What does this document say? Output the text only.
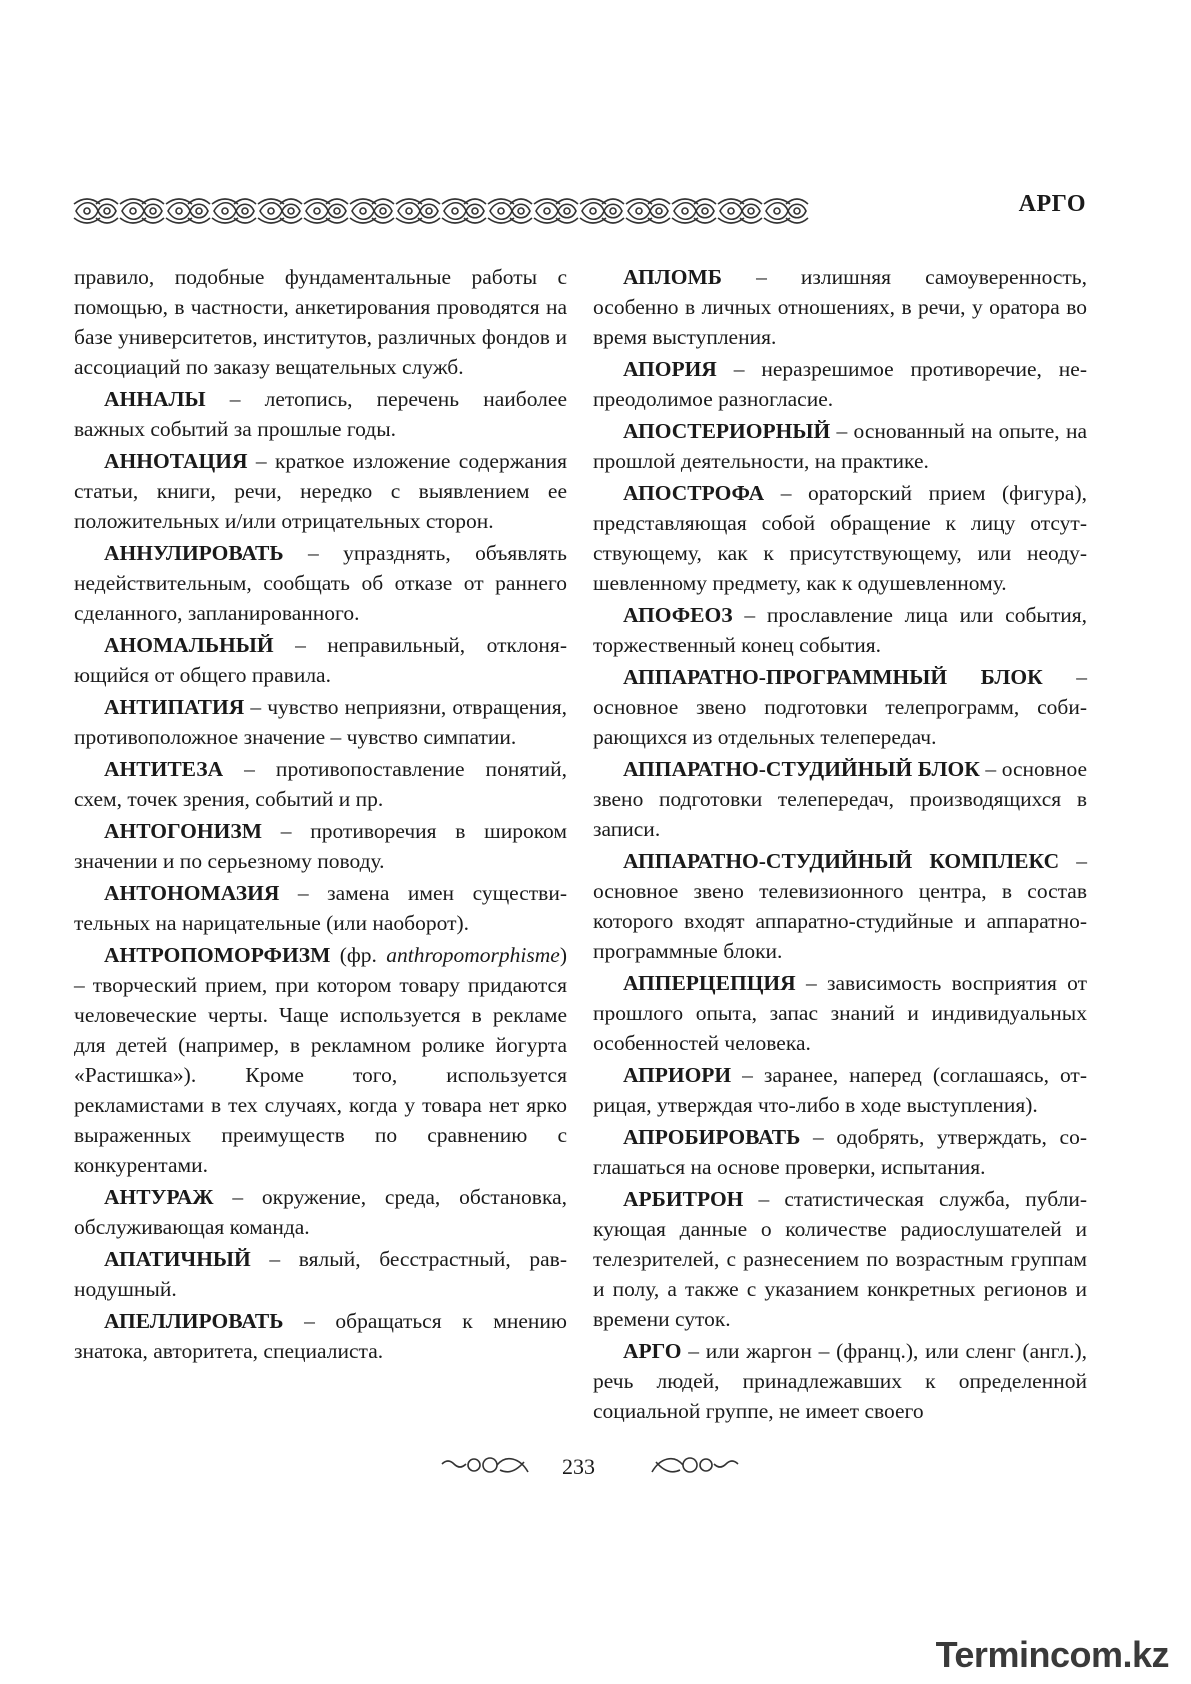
АРГО

правило, подобные фундаментальные работы с помощью, в частности, анкетирования проводятся на базе университетов, институтов, различных фондов и ассоциаций по заказу вещательных служб.

АННАЛЫ – летопись, перечень наиболее важных событий за прошлые годы.

АННОТАЦИЯ – краткое изложение содержания статьи, книги, речи, нередко с выявлением ее положительных и/или отрицательных сторон.

АННУЛИРОВАТЬ – упразднять, объявлять недействительным, сообщать об отказе от раннего сделанного, запланированного.

АНОМАЛЬНЫЙ – неправильный, отклоняющийся от общего правила.

АНТИПАТИЯ – чувство неприязни, отвращения, противоположное значение – чувство симпатии.

АНТИТЕЗА – противопоставление понятий, схем, точек зрения, событий и пр.

АНТОГОНИЗМ – противоречия в широком значении и по серьезному поводу.

АНТОНОМАЗИЯ – замена имен существительных на нарицательные (или наоборот).

АНТРОПОМОРФИЗМ (фр. anthropomorphisme) – творческий прием, при котором товару придаются человеческие черты. Чаще используется в рекламе для детей (например, в рекламном ролике йогурта «Растишка»). Кроме того, используется рекламистами в тех случаях, когда у товара нет ярко выраженных преимуществ по сравнению с конкурентами.

АНТУРАЖ – окружение, среда, обстановка, обслуживающая команда.

АПАТИЧНЫЙ – вялый, бесстрастный, равнодушный.

АПЕЛЛИРОВАТЬ – обращаться к мнению знатока, авторитета, специалиста.

АПЛОМБ – излишняя самоуверенность, особенно в личных отношениях, в речи, у оратора во время выступления.

АПОРИЯ – неразрешимое противоречие, непреодолимое разногласие.

АПОСТЕРИОРНЫЙ – основанный на опыте, на прошлой деятельности, на практике.

АПОСТРОФА – ораторский прием (фигура), представляющая собой обращение к лицу отсутствующему, как к присутствующему, или неодушевленному предмету, как к одушевленному.

АПОФЕОЗ – прославление лица или события, торжественный конец события.

АППАРАТНО-ПРОГРАММНЫЙ БЛОК – основное звено подготовки телепрограмм, собирающихся из отдельных телепередач.

АППАРАТНО-СТУДИЙНЫЙ БЛОК – основное звено подготовки телепередач, производящихся в записи.

АППАРАТНО-СТУДИЙНЫЙ КОМПЛЕКС – основное звено телевизионного центра, в состав которого входят аппаратно-студийные и аппаратно-программные блоки.

АППЕРЦЕПЦИЯ – зависимость восприятия от прошлого опыта, запас знаний и индивидуальных особенностей человека.

АПРИОРИ – заранее, наперед (соглашаясь, отрицая, утверждая что-либо в ходе выступления).

АПРОБИРОВАТЬ – одобрять, утверждать, соглашаться на основе проверки, испытания.

АРБИТРОН – статистическая служба, публикующая данные о количестве радиослушателей и телезрителей, с разнесением по возрастным группам и полу, а также с указанием конкретных регионов и времени суток.

АРГО – или жаргон – (франц.), или сленг (англ.), речь людей, принадлежавших к определенной социальной группе, не имеет своего

233
Termincom.kz
